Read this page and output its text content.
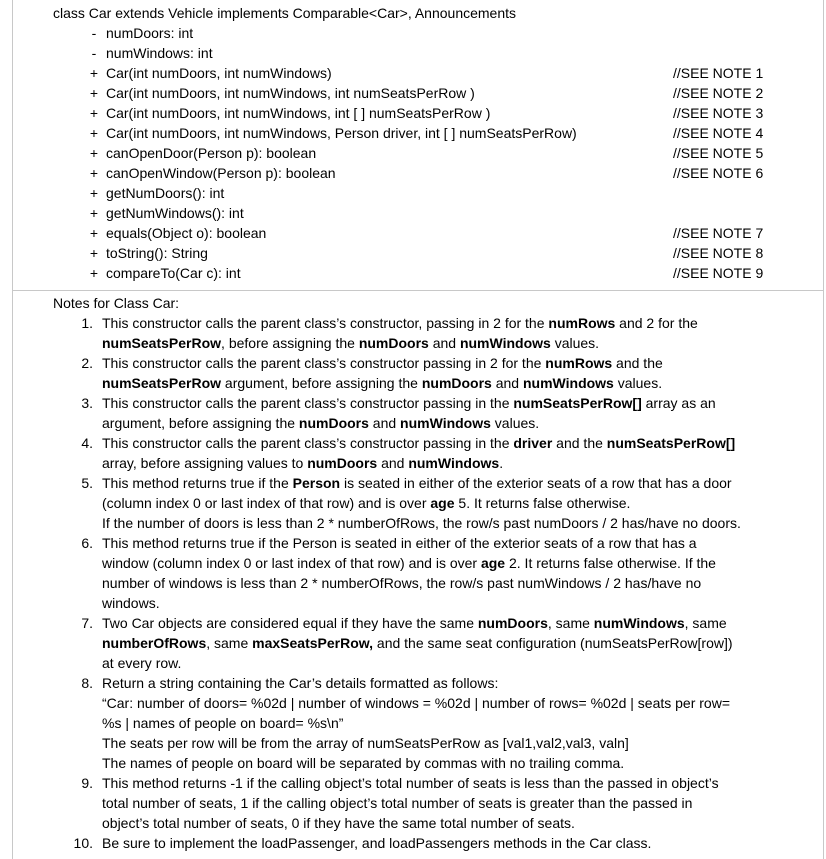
class Car extends Vehicle implements Comparable<Car>, Announcements
- numDoors: int
- numWindows: int
+ Car(int numDoors, int numWindows)	//SEE NOTE 1
+ Car(int numDoors, int numWindows, int numSeatsPerRow )	//SEE NOTE 2
+ Car(int numDoors, int numWindows, int [ ] numSeatsPerRow )	//SEE NOTE 3
+ Car(int numDoors, int numWindows, Person driver, int [ ] numSeatsPerRow)	//SEE NOTE 4
+ canOpenDoor(Person p): boolean	//SEE NOTE 5
+ canOpenWindow(Person p): boolean	//SEE NOTE 6
+ getNumDoors(): int
+ getNumWindows(): int
+ equals(Object o): boolean	//SEE NOTE 7
+ toString(): String	//SEE NOTE 8
+ compareTo(Car c): int	//SEE NOTE 9
Notes for Class Car:
1. This constructor calls the parent class’s constructor, passing in 2 for the numRows and 2 for the
numSeatsPerRow, before assigning the numDoors and numWindows values.
2. This constructor calls the parent class’s constructor passing in 2 for the numRows and the
numSeatsPerRow argument, before assigning the numDoors and numWindows values.
3. This constructor calls the parent class’s constructor passing in the numSeatsPerRow[] array as an
argument, before assigning the numDoors and numWindows values.
4. This constructor calls the parent class’s constructor passing in the driver and the numSeatsPerRow[]
array, before assigning values to numDoors and numWindows.
5. This method returns true if the Person is seated in either of the exterior seats of a row that has a door
(column index 0 or last index of that row) and is over age 5. It returns false otherwise.
If the number of doors is less than 2 * numberOfRows, the row/s past numDoors / 2 has/have no doors.
6. This method returns true if the Person is seated in either of the exterior seats of a row that has a
window (column index 0 or last index of that row) and is over age 2. It returns false otherwise. If the
number of windows is less than 2 * numberOfRows, the row/s past numWindows / 2 has/have no
windows.
7. Two Car objects are considered equal if they have the same numDoors, same numWindows, same
numberOfRows, same maxSeatsPerRow, and the same seat configuration (numSeatsPerRow[row])
at every row.
8. Return a string containing the Car’s details formatted as follows:
“Car: number of doors= %02d | number of windows = %02d | number of rows= %02d | seats per row=
%s | names of people on board= %s\n”
The seats per row will be from the array of numSeatsPerRow as [val1,val2,val3, valn]
The names of people on board will be separated by commas with no trailing comma.
9. This method returns -1 if the calling object’s total number of seats is less than the passed in object’s
total number of seats, 1 if the calling object’s total number of seats is greater than the passed in
object’s total number of seats, 0 if they have the same total number of seats.
10. Be sure to implement the loadPassenger, and loadPassengers methods in the Car class.
